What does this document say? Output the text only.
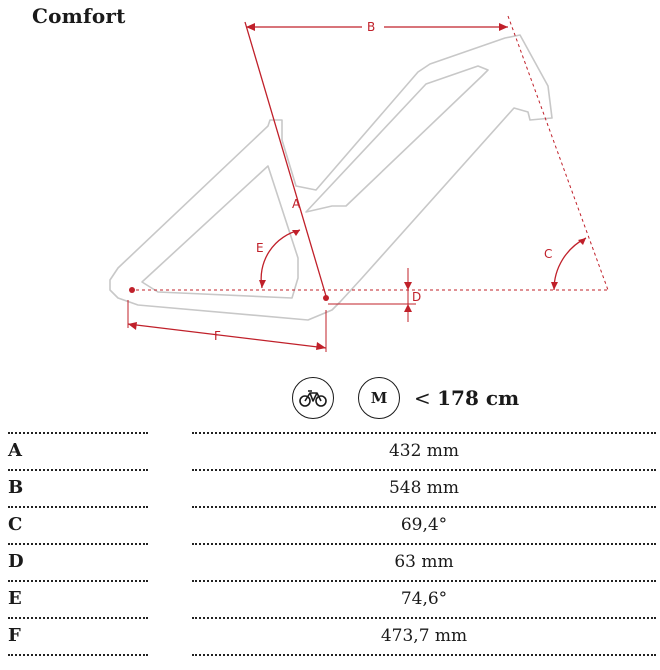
Comfort
A
B
C
D
E
F
M	< 178 cm
A	432 mm
B	548 mm
C	69,4°
D	63 mm
E	74,6°
F	473,7 mm
